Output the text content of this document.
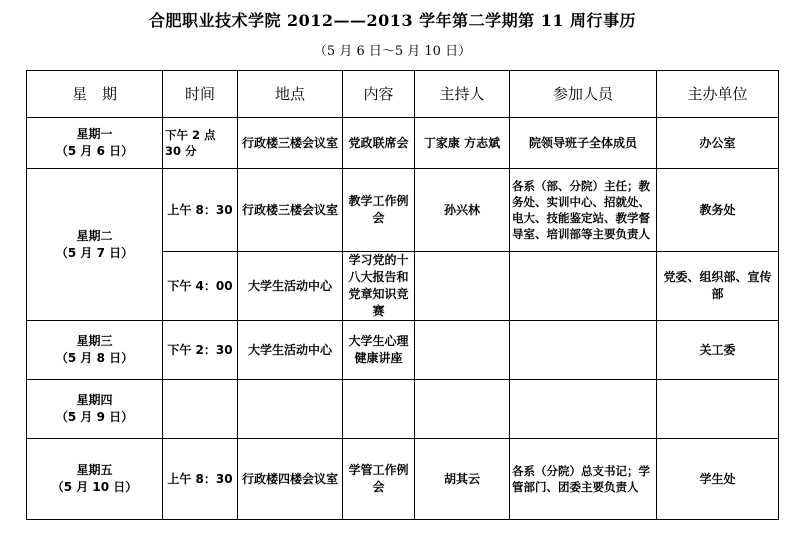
合肥职业技术学院 2012——2013 学年第二学期第 11 周行事历
（5 月 6 日～5 月 10 日）
星　期	时间	地点	内容	主持人	参加人员	主办单位

星期一
（5 月 6 日）	下午 2 点 30 分	行政楼三楼会议室	党政联席会	丁家康 方志斌	院领导班子全体成员	办公室

星期二
（5 月 7 日）	上午 8：30	行政楼三楼会议室	教学工作例会	孙兴林	各系（部、分院）主任；教务处、实训中心、招就处、电大、技能鉴定站、教学督导室、培训部等主要负责人	教务处
	下午 4：00	大学生活动中心	学习党的十八大报告和党章知识竞赛			党委、组织部、宣传部

星期三
（5 月 8 日）	下午 2：30	大学生活动中心	大学生心理健康讲座			关工委

星期四
（5 月 9 日）						

星期五
（5 月 10 日）	上午 8：30	行政楼四楼会议室	学管工作例会	胡其云	各系（分院）总支书记；学管部门、团委主要负责人	学生处
